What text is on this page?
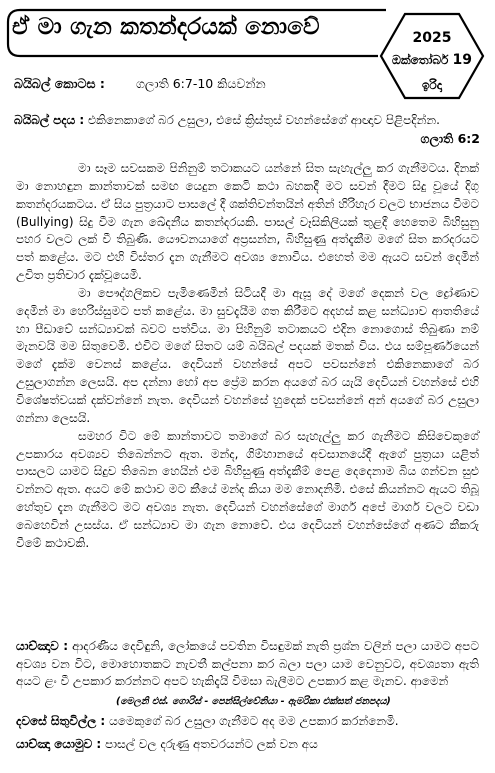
ඒ මා ගැන කතන්දරයක් නොවේ	2025
ඔක්තෝබර් 19
ඉරිදා
බයිබල් කොටස : ගලාති 6:7-10 කියවන්න
බයිබල් පදය : එකිනෙකාගේ බර උසුලා, එසේ ක්‍රිස්තුස් වහන්සේගේ ආඥාව පිළිපදින්න.
ගලාති 6:2

මා සෑම සවසකම පිනිනුම් තටාකයට යන්නේ සිත සැහැල්ලු කර ගැනීමටය. දිනක් මා නොහඳුන කාන්තාවක් සමඟ යෙදුන කෙටි කථා බහකදී මට සවන් දීමට සිදු වූයේ දිගු කතන්දරයකටය. ඒ සිය පුත්‍රයාට පාසලේ දී ශක්තිවන්තයින් අතින් හිරිහැර වලට භාජනය වීමට (Bullying) සිදු වීම ගැන ඛේදනීය කතන්දරයකි. පාසල් වෑසිකිලියක් තුළදී හෙතෙම බිහිසුනු පහර වලට ලක් වී තිබුණි. යෞවනයාගේ අප්‍රසන්න, බිහිසුණු අත්දැකීම මගේ සිත කරදරයට පත් කළේය. මට එහි විස්තර දැන ගැනීමට අවශ්‍ය නොවීය. එහෙත් මම ඇයට සවන් දෙමින් උචිත ප්‍රතිචාර දැක්වූයෙමි.

මා පෞද්ගලිකව පැමිණෙමින් සිටියදී මා ඇසූ දේ මගේ දෙකන් වල ද්‍රෝණාව දෙමින් මා හෙරිස්සුමට පත් කළේය. මා සුවදැයීම ගත කිරීමට අදහස් කළ සන්ධ්‍යාව ආතතියේ හා පීඩාවේ සන්ධ්‍යාවක් බවට පත්විය. මා පිහිනුම් තටාකයට එදින නොගොස් තිබුණා නම් මැනවයි මම සිතුවෙමි. එවිට මගේ සිතට යම් බයිබල් පදයක් මතක් විය. එය සම්පූර්ණයෙන් මගේ දැක්ම වෙනස් කළේය. දෙවියන් වහන්සේ අපට පවසන්නේ එකිනෙකාගේ බර උසුලාගන්න ලෙසයි. අප දන්නා හෝ අප ප්‍රේම කරන අයගේ බර යැයි දෙවියන් වහන්සේ එහි විශේෂත්වයක් දක්වන්නේ නැත. දෙවියන් වහන්සේ හුදෙක් පවසන්නේ අන් අයගේ බර උසුලා ගන්නා ලෙසයි.

සමහර විට මේ කාන්තාවට තමාගේ බර සැහැල්ලු කර ගැනීමට කිසිවෙකුගේ උපකාරය අවශ්‍යව තිබෙන්නට ඇත. මන්ද, ගිම්හානයේ අවසානයේදී ඇගේ පුත්‍රයා යළිත් පාසලට යාමට සිදුව තිබෙන හෙයින් එම බිහිසුණු අත්දැකීම් පෙළ දෙදෙනාම බිය ගන්වන සුළු වන්නට ඇත. අයට මේ කථාව මට කීයේ මන්ද කියා මම නොදනිමි. එසේ කියන්නට ඇයට තිබූ හේතුව දැන ගැනීමට මට අවශ්‍ය නැත. දෙවියන් වහන්සේගේ මාර්ග අපේ මාර්ග වලට වඩා බෙහෙවින් උසස්ය. ඒ සන්ධ්‍යාව මා ගැන නොවේ. එය දෙවියන් වහන්සේගේ අණට කීකරු වීමේ කථාවකි.

යාච්ඤාව : ආදරණීය දෙවිඳුනි, ලෝකයේ පවතින විසඳුමක් නැති ප්‍රශ්න වලින් පලා යාමට අපට අවශ්‍ය වන විට, මොහොතකට නැවතී කල්පනා කර බලා පලා යාම වෙනුවට, අවශ්‍යතා ඇති අයට ළං වී උපකාර කරන්නට අපට හැකිදැයි විමසා බැලීමට උපකාර කළ මැනව. ආමෙන්
(මෙලනි එස්. ගොරිස් - පෙන්සිල්වේනියා - ඇමරිකා එක්සත් ජනපදය)
දවසේ සිතුවිල්ල : යමෙකුගේ බර උසුලා ගැනීමට අද මම උපකාර කරන්නෙමි.
යාච්ඤා යොමුව : පාසල් වල දරුණු අතවරයන්ට ලක් වන අය
